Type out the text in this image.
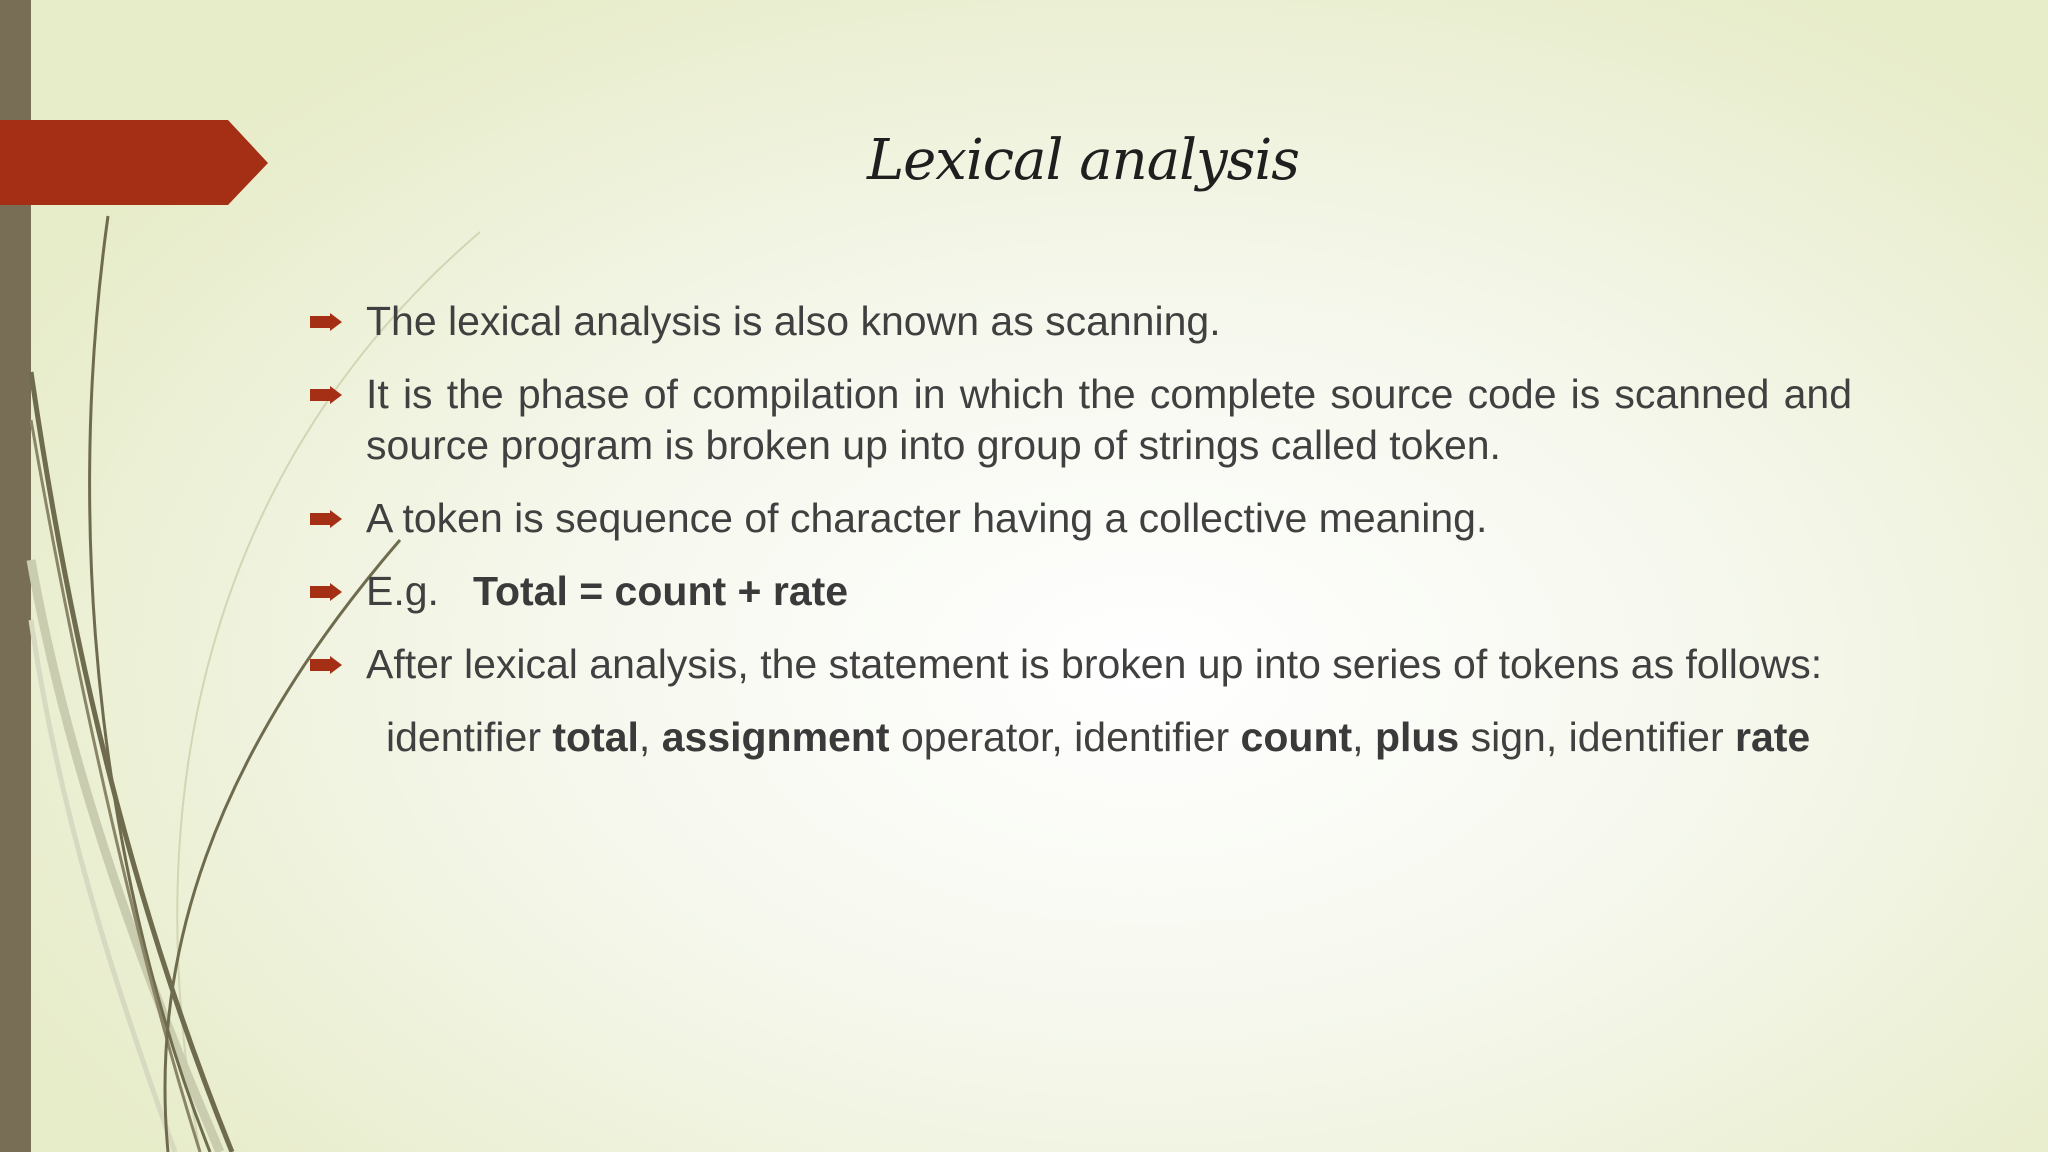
Lexical analysis
The lexical analysis is also known as scanning.
It is the phase of compilation in which the complete source code is scanned and source program is broken up into group of strings called token.
A token is sequence of character having a collective meaning.
E.g. Total = count + rate
After lexical analysis, the statement is broken up into series of tokens as follows:
identifier total, assignment operator, identifier count, plus sign, identifier rate
